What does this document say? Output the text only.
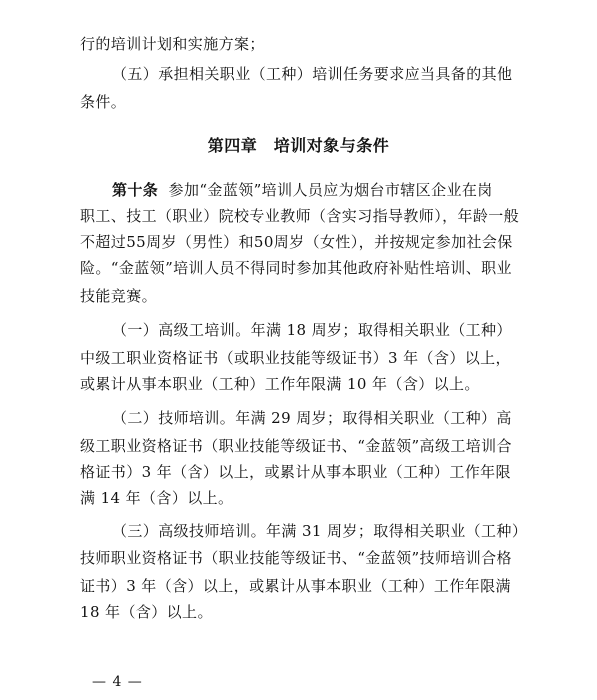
行的培训计划和实施方案；
（五）承担相关职业（工种）培训任务要求应当具备的其他
条件。
第四章　培训对象与条件
第十条 参加“金蓝领”培训人员应为烟台市辖区企业在岗
职工、技工（职业）院校专业教师（含实习指导教师），年龄一般
不超过55周岁（男性）和50周岁（女性），并按规定参加社会保
险。“金蓝领”培训人员不得同时参加其他政府补贴性培训、职业
技能竞赛。
（一）高级工培训。年满 18 周岁；取得相关职业（工种）
中级工职业资格证书（或职业技能等级证书）3 年（含）以上，
或累计从事本职业（工种）工作年限满 10 年（含）以上。
（二）技师培训。年满 29 周岁；取得相关职业（工种）高
级工职业资格证书（职业技能等级证书、“金蓝领”高级工培训合
格证书）3 年（含）以上，或累计从事本职业（工种）工作年限
满 14 年（含）以上。
（三）高级技师培训。年满 31 周岁；取得相关职业（工种）
技师职业资格证书（职业技能等级证书、“金蓝领”技师培训合格
证书）3 年（含）以上，或累计从事本职业（工种）工作年限满
18 年（含）以上。
— 4 —
